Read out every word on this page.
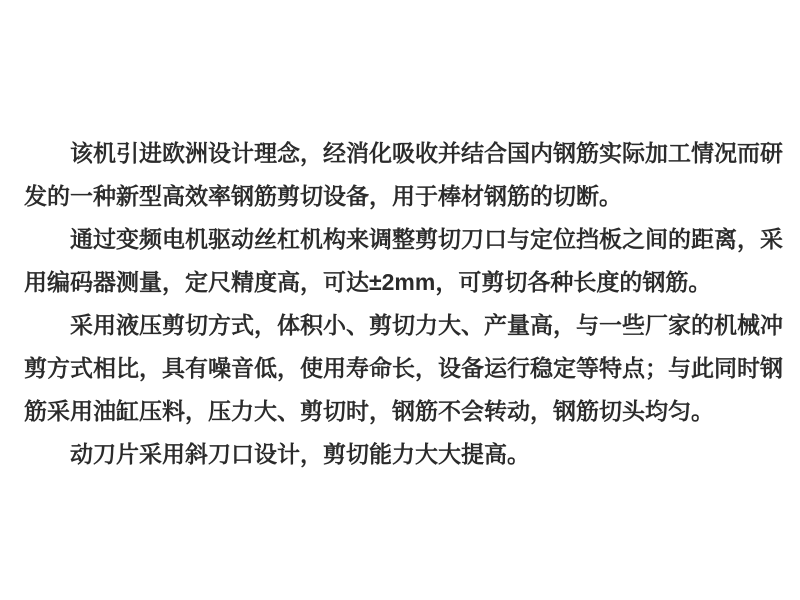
该机引进欧洲设计理念，经消化吸收并结合国内钢筋实际加工情况而研
发的一种新型高效率钢筋剪切设备，用于棒材钢筋的切断。
通过变频电机驱动丝杠机构来调整剪切刀口与定位挡板之间的距离，采
用编码器测量，定尺精度高，可达±2mm，可剪切各种长度的钢筋。
采用液压剪切方式，体积小、剪切力大、产量高，与一些厂家的机械冲
剪方式相比，具有噪音低，使用寿命长，设备运行稳定等特点；与此同时钢
筋采用油缸压料，压力大、剪切时，钢筋不会转动，钢筋切头均匀。
动刀片采用斜刀口设计，剪切能力大大提高。
